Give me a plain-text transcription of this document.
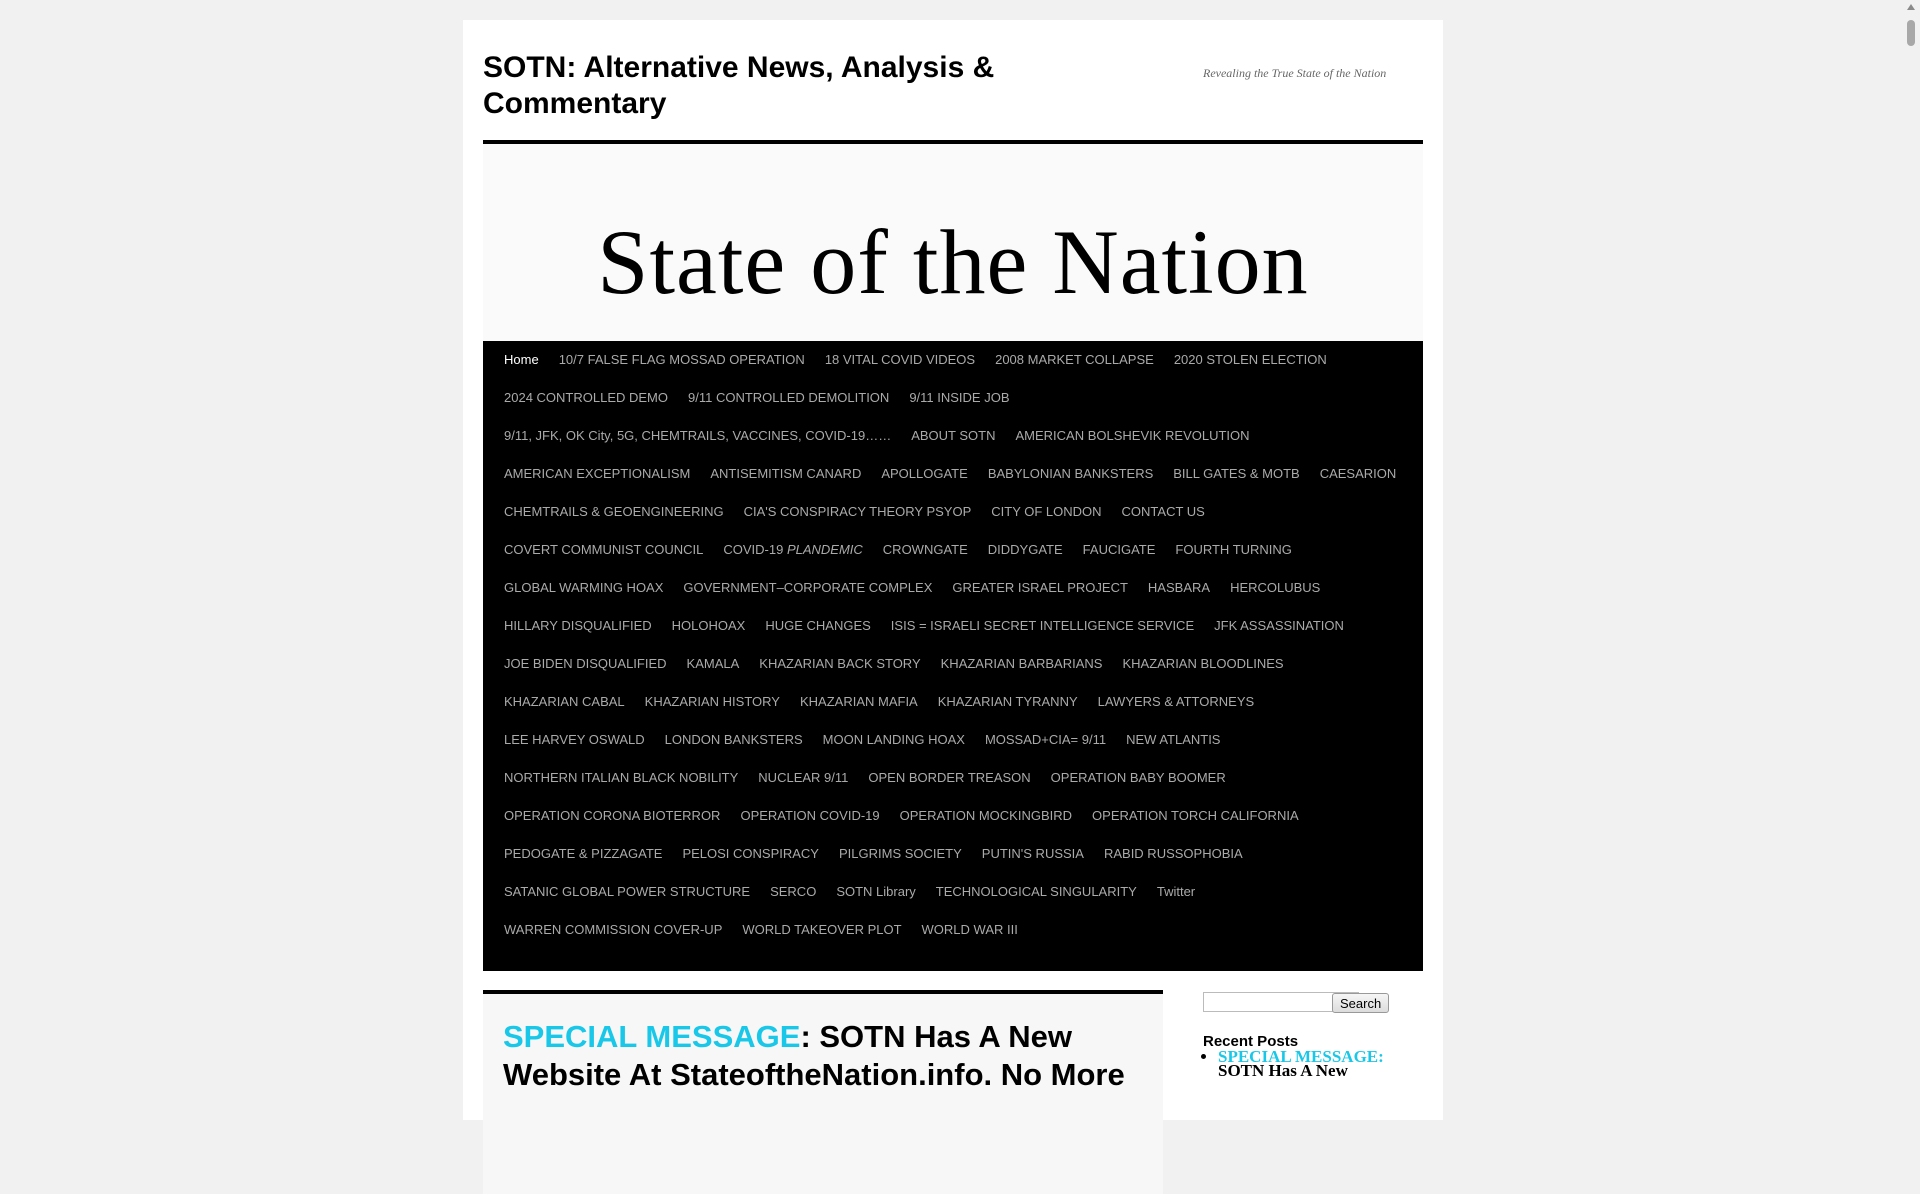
SOTN: Alternative News, Analysis & Commentary
Revealing the True State of the Nation
State of the Nation
Home	10/7 FALSE FLAG MOSSAD OPERATION	18 VITAL COVID VIDEOS	2008 MARKET COLLAPSE	2020 STOLEN ELECTION
2024 CONTROLLED DEMO	9/11 CONTROLLED DEMOLITION	9/11 INSIDE JOB
9/11, JFK, OK City, 5G, CHEMTRAILS, VACCINES, COVID-19……	ABOUT SOTN	AMERICAN BOLSHEVIK REVOLUTION
AMERICAN EXCEPTIONALISM	ANTISEMITISM CANARD	APOLLOGATE	BABYLONIAN BANKSTERS	BILL GATES & MOTB	CAESARION
CHEMTRAILS & GEOENGINEERING	CIA'S CONSPIRACY THEORY PSYOP	CITY OF LONDON	CONTACT US
COVERT COMMUNIST COUNCIL	COVID-19 PLANDEMIC	CROWNGATE	DIDDYGATE	FAUCIGATE	FOURTH TURNING
GLOBAL WARMING HOAX	GOVERNMENT–CORPORATE COMPLEX	GREATER ISRAEL PROJECT	HASBARA	HERCOLUBUS
HILLARY DISQUALIFIED	HOLOHOAX	HUGE CHANGES	ISIS = ISRAELI SECRET INTELLIGENCE SERVICE	JFK ASSASSINATION
JOE BIDEN DISQUALIFIED	KAMALA	KHAZARIAN BACK STORY	KHAZARIAN BARBARIANS	KHAZARIAN BLOODLINES
KHAZARIAN CABAL	KHAZARIAN HISTORY	KHAZARIAN MAFIA	KHAZARIAN TYRANNY	LAWYERS & ATTORNEYS
LEE HARVEY OSWALD	LONDON BANKSTERS	MOON LANDING HOAX	MOSSAD+CIA= 9/11	NEW ATLANTIS
NORTHERN ITALIAN BLACK NOBILITY	NUCLEAR 9/11	OPEN BORDER TREASON	OPERATION BABY BOOMER
OPERATION CORONA BIOTERROR	OPERATION COVID-19	OPERATION MOCKINGBIRD	OPERATION TORCH CALIFORNIA
PEDOGATE & PIZZAGATE	PELOSI CONSPIRACY	PILGRIMS SOCIETY	PUTIN'S RUSSIA	RABID RUSSOPHOBIA
SATANIC GLOBAL POWER STRUCTURE	SERCO	SOTN Library	TECHNOLOGICAL SINGULARITY	Twitter
WARREN COMMISSION COVER-UP	WORLD TAKEOVER PLOT	WORLD WAR III
SPECIAL MESSAGE: SOTN Has A New Website At StateoftheNation.info. No More
Search
Recent Posts
• SPECIAL MESSAGE: SOTN Has A New
